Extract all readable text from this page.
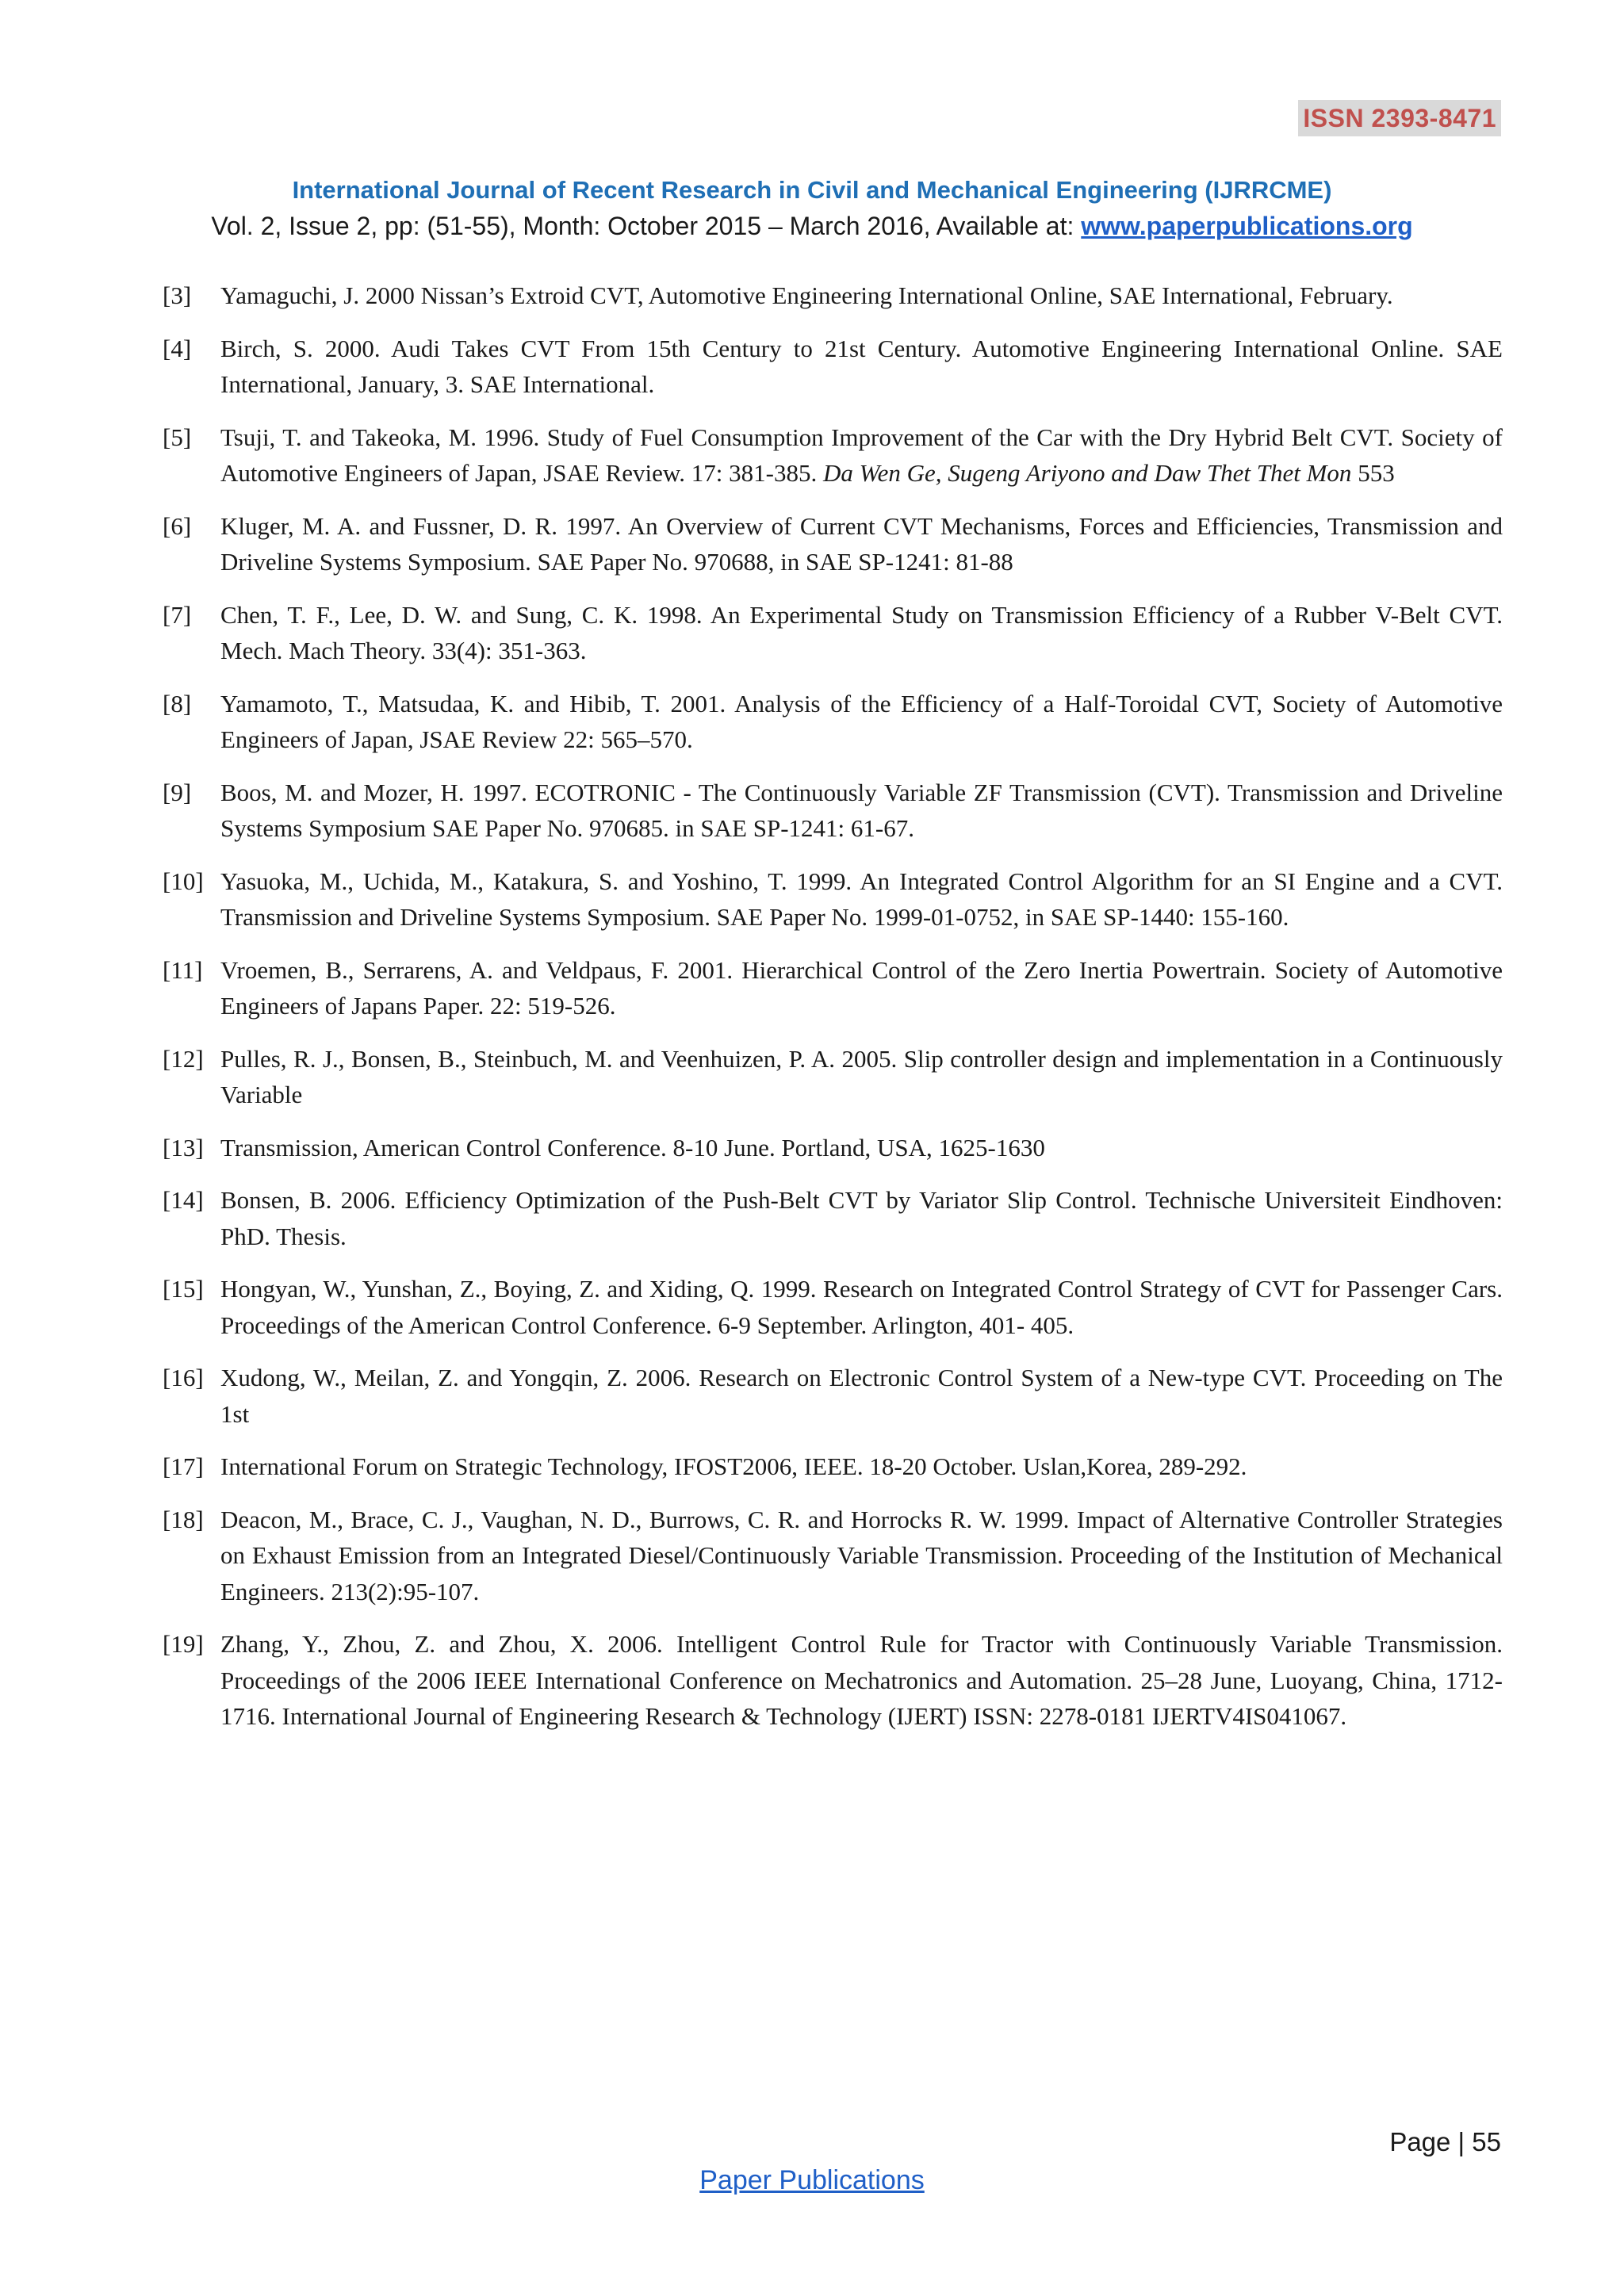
ISSN 2393-8471

International Journal of Recent Research in Civil and Mechanical Engineering (IJRRCME)

Vol. 2, Issue 2, pp: (51-55), Month: October 2015 – March 2016, Available at: www.paperpublications.org

[3]	Yamaguchi, J. 2000 Nissan’s Extroid CVT, Automotive Engineering International Online, SAE International, February.
[4]	Birch, S. 2000. Audi Takes CVT From 15th Century to 21st Century. Automotive Engineering International Online. SAE International, January, 3. SAE International.
[5]	Tsuji, T. and Takeoka, M. 1996. Study of Fuel Consumption Improvement of the Car with the Dry Hybrid Belt CVT. Society of Automotive Engineers of Japan, JSAE Review. 17: 381-385. Da Wen Ge, Sugeng Ariyono and Daw Thet Thet Mon 553
[6]	Kluger, M. A. and Fussner, D. R. 1997. An Overview of Current CVT Mechanisms, Forces and Efficiencies, Transmission and Driveline Systems Symposium. SAE Paper No. 970688, in SAE SP-1241: 81-88
[7]	Chen, T. F., Lee, D. W. and Sung, C. K. 1998. An Experimental Study on Transmission Efficiency of a Rubber V-Belt CVT. Mech. Mach Theory. 33(4): 351-363.
[8]	Yamamoto, T., Matsudaa, K. and Hibib, T. 2001. Analysis of the Efficiency of a Half-Toroidal CVT, Society of Automotive Engineers of Japan, JSAE Review 22: 565–570.
[9]	Boos, M. and Mozer, H. 1997. ECOTRONIC - The Continuously Variable ZF Transmission (CVT). Transmission and Driveline Systems Symposium SAE Paper No. 970685. in SAE SP-1241: 61-67.
[10] Yasuoka, M., Uchida, M., Katakura, S. and Yoshino, T. 1999. An Integrated Control Algorithm for an SI Engine and a CVT. Transmission and Driveline Systems Symposium. SAE Paper No. 1999-01-0752, in SAE SP-1440: 155-160.
[11] Vroemen, B., Serrarens, A. and Veldpaus, F. 2001. Hierarchical Control of the Zero Inertia Powertrain. Society of Automotive Engineers of Japans Paper. 22: 519-526.
[12] Pulles, R. J., Bonsen, B., Steinbuch, M. and Veenhuizen, P. A. 2005. Slip controller design and implementation in a Continuously Variable
[13] Transmission, American Control Conference. 8-10 June. Portland, USA, 1625-1630
[14] Bonsen, B. 2006. Efficiency Optimization of the Push-Belt CVT by Variator Slip Control. Technische Universiteit Eindhoven: PhD. Thesis.
[15] Hongyan, W., Yunshan, Z., Boying, Z. and Xiding, Q. 1999. Research on Integrated Control Strategy of CVT for Passenger Cars. Proceedings of the American Control Conference. 6-9 September. Arlington, 401- 405.
[16] Xudong, W., Meilan, Z. and Yongqin, Z. 2006. Research on Electronic Control System of a New-type CVT. Proceeding on The 1st
[17] International Forum on Strategic Technology, IFOST2006, IEEE. 18-20 October. Uslan,Korea, 289-292.
[18] Deacon, M., Brace, C. J., Vaughan, N. D., Burrows, C. R. and Horrocks R. W. 1999. Impact of Alternative Controller Strategies on Exhaust Emission from an Integrated Diesel/Continuously Variable Transmission. Proceeding of the Institution of Mechanical Engineers. 213(2):95-107.
[19] Zhang, Y., Zhou, Z. and Zhou, X. 2006. Intelligent Control Rule for Tractor with Continuously Variable Transmission. Proceedings of the 2006 IEEE International Conference on Mechatronics and Automation. 25–28 June, Luoyang, China, 1712-1716. International Journal of Engineering Research & Technology (IJERT) ISSN: 2278-0181 IJERTV4IS041067.
Page | 55
Paper Publications
